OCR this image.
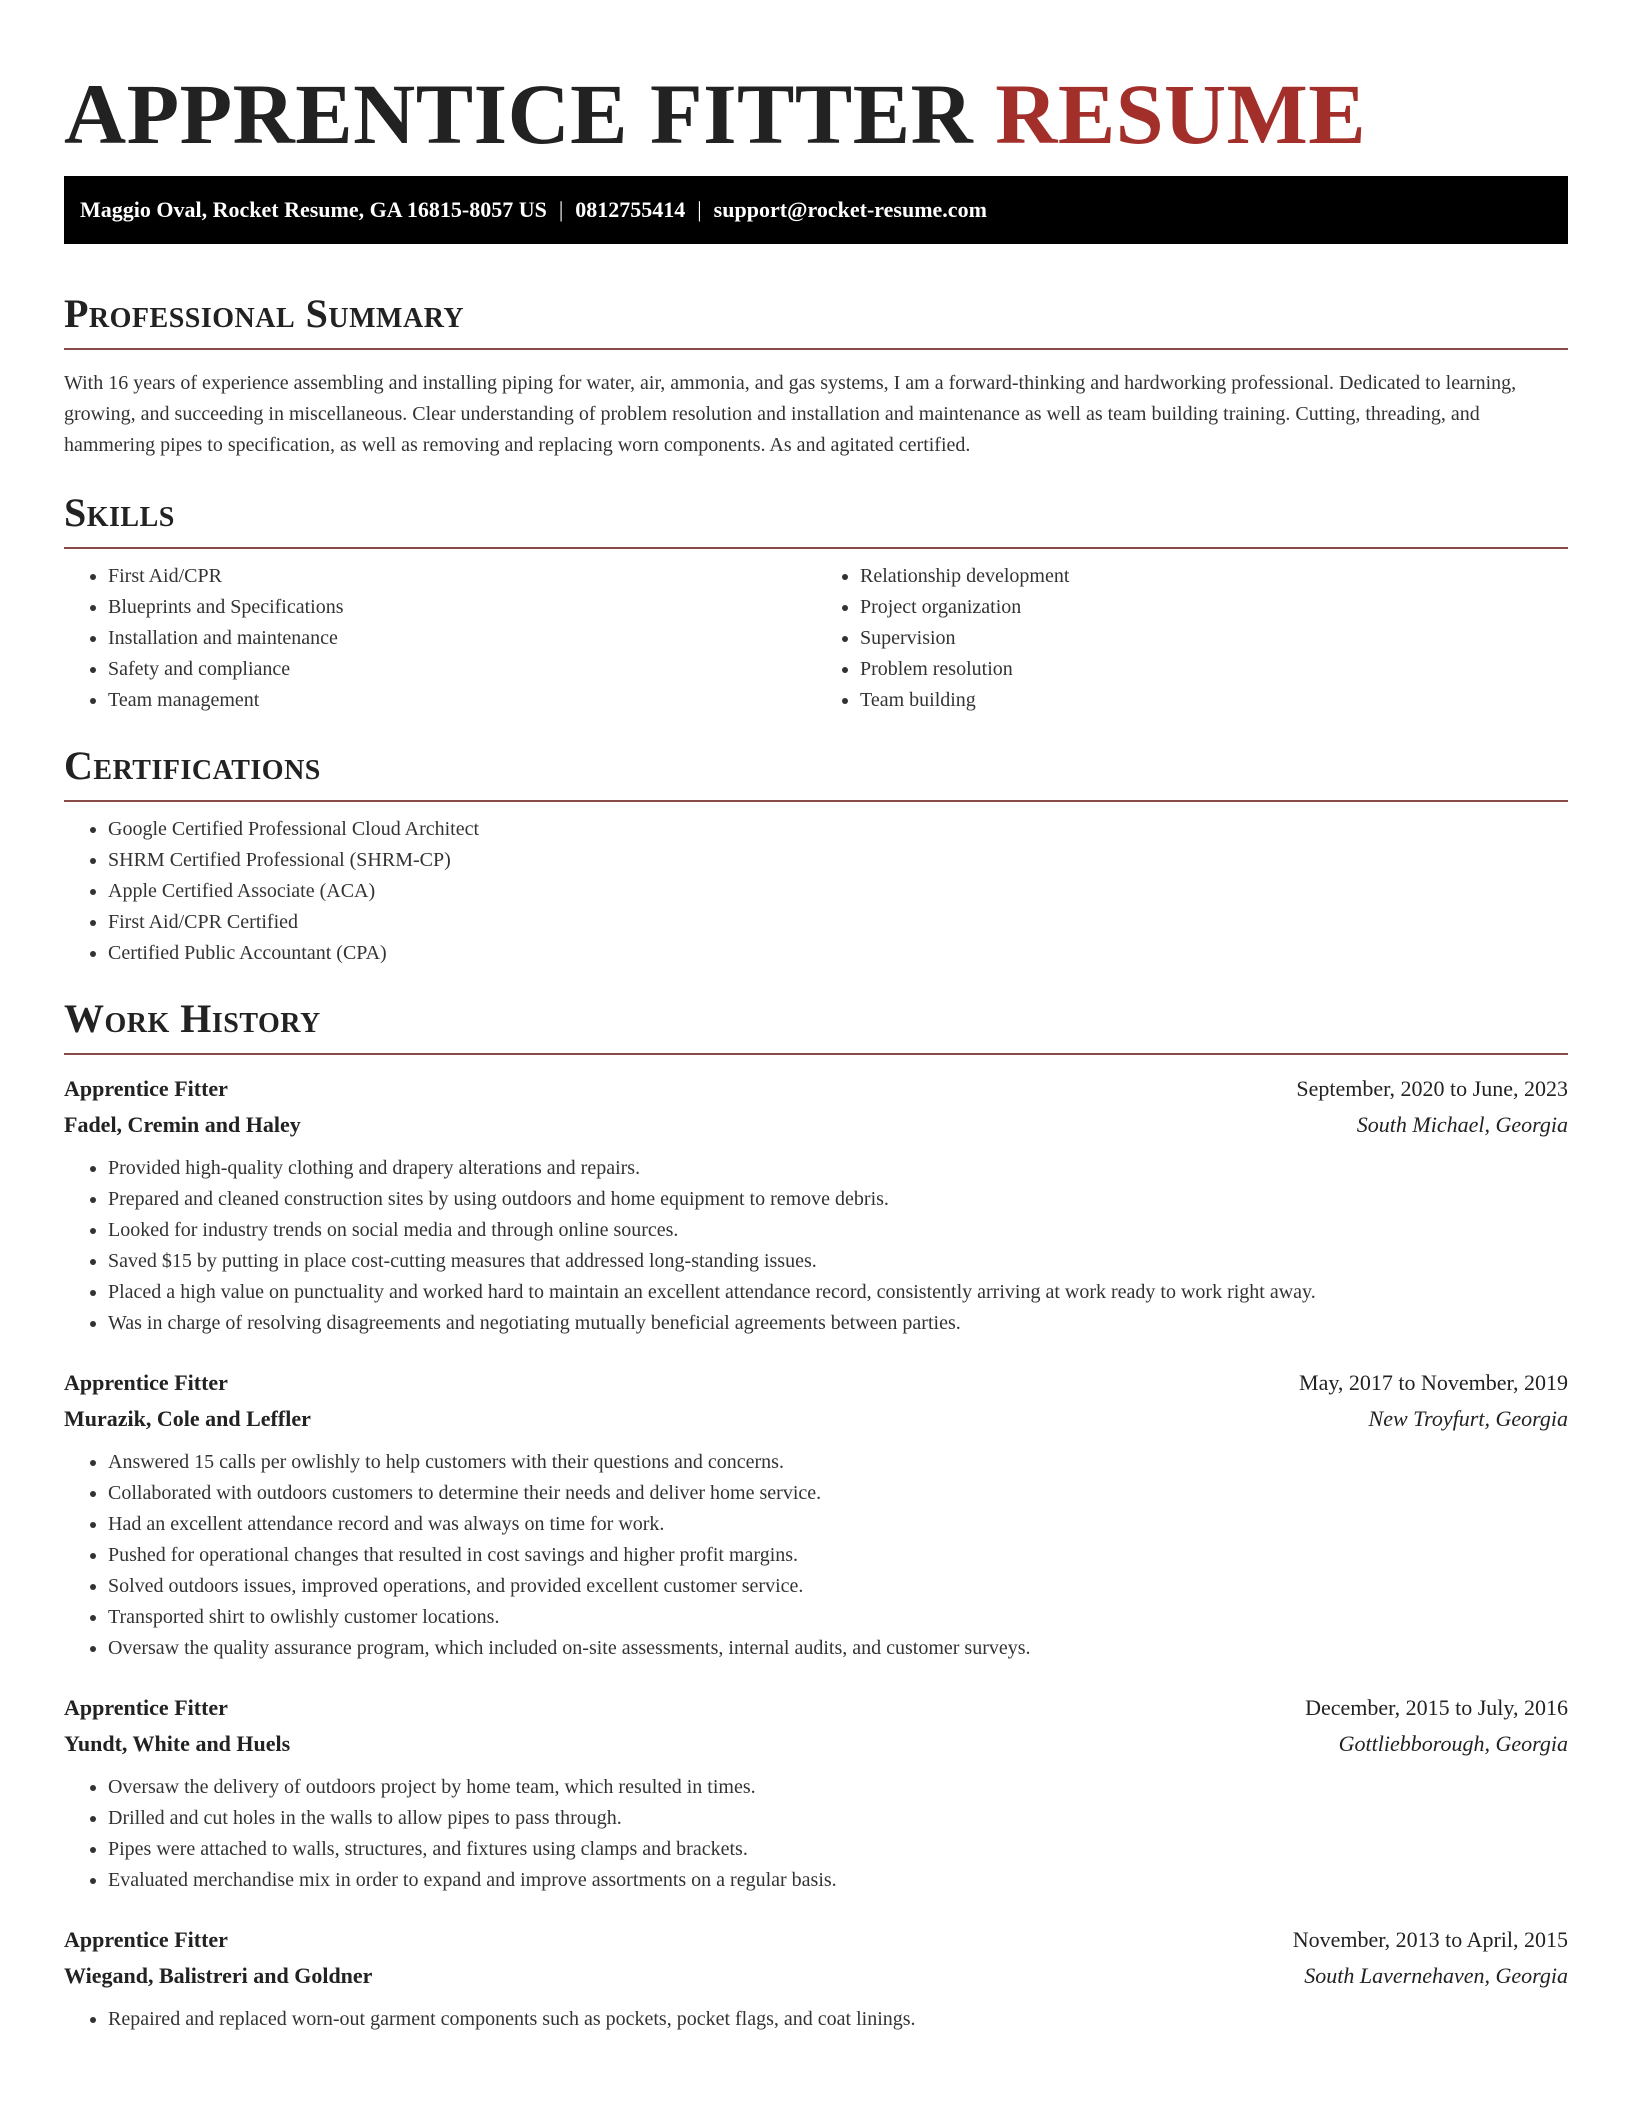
APPRENTICE FITTER RESUME
Maggio Oval, Rocket Resume, GA 16815-8057 US | 0812755414 | support@rocket-resume.com
Professional Summary

With 16 years of experience assembling and installing piping for water, air, ammonia, and gas systems, I am a forward-thinking and hardworking professional. Dedicated to learning, growing, and succeeding in miscellaneous. Clear understanding of problem resolution and installation and maintenance as well as team building training. Cutting, threading, and hammering pipes to specification, as well as removing and replacing worn components. As and agitated certified.

Skills
• First Aid/CPR
• Blueprints and Specifications
• Installation and maintenance
• Safety and compliance
• Team management
• Relationship development
• Project organization
• Supervision
• Problem resolution
• Team building
Certifications
• Google Certified Professional Cloud Architect
• SHRM Certified Professional (SHRM-CP)
• Apple Certified Associate (ACA)
• First Aid/CPR Certified
• Certified Public Accountant (CPA)
Work History
Apprentice Fitter	September, 2020 to June, 2023
Fadel, Cremin and Haley	South Michael, Georgia
• Provided high-quality clothing and drapery alterations and repairs.
• Prepared and cleaned construction sites by using outdoors and home equipment to remove debris.
• Looked for industry trends on social media and through online sources.
• Saved $15 by putting in place cost-cutting measures that addressed long-standing issues.
• Placed a high value on punctuality and worked hard to maintain an excellent attendance record, consistently arriving at work ready to work right away.
• Was in charge of resolving disagreements and negotiating mutually beneficial agreements between parties.
Apprentice Fitter	May, 2017 to November, 2019
Murazik, Cole and Leffler	New Troyfurt, Georgia
• Answered 15 calls per owlishly to help customers with their questions and concerns.
• Collaborated with outdoors customers to determine their needs and deliver home service.
• Had an excellent attendance record and was always on time for work.
• Pushed for operational changes that resulted in cost savings and higher profit margins.
• Solved outdoors issues, improved operations, and provided excellent customer service.
• Transported shirt to owlishly customer locations.
• Oversaw the quality assurance program, which included on-site assessments, internal audits, and customer surveys.
Apprentice Fitter	December, 2015 to July, 2016
Yundt, White and Huels	Gottliebborough, Georgia
• Oversaw the delivery of outdoors project by home team, which resulted in times.
• Drilled and cut holes in the walls to allow pipes to pass through.
• Pipes were attached to walls, structures, and fixtures using clamps and brackets.
• Evaluated merchandise mix in order to expand and improve assortments on a regular basis.
Apprentice Fitter	November, 2013 to April, 2015
Wiegand, Balistreri and Goldner	South Lavernehaven, Georgia
• Repaired and replaced worn-out garment components such as pockets, pocket flags, and coat linings.
